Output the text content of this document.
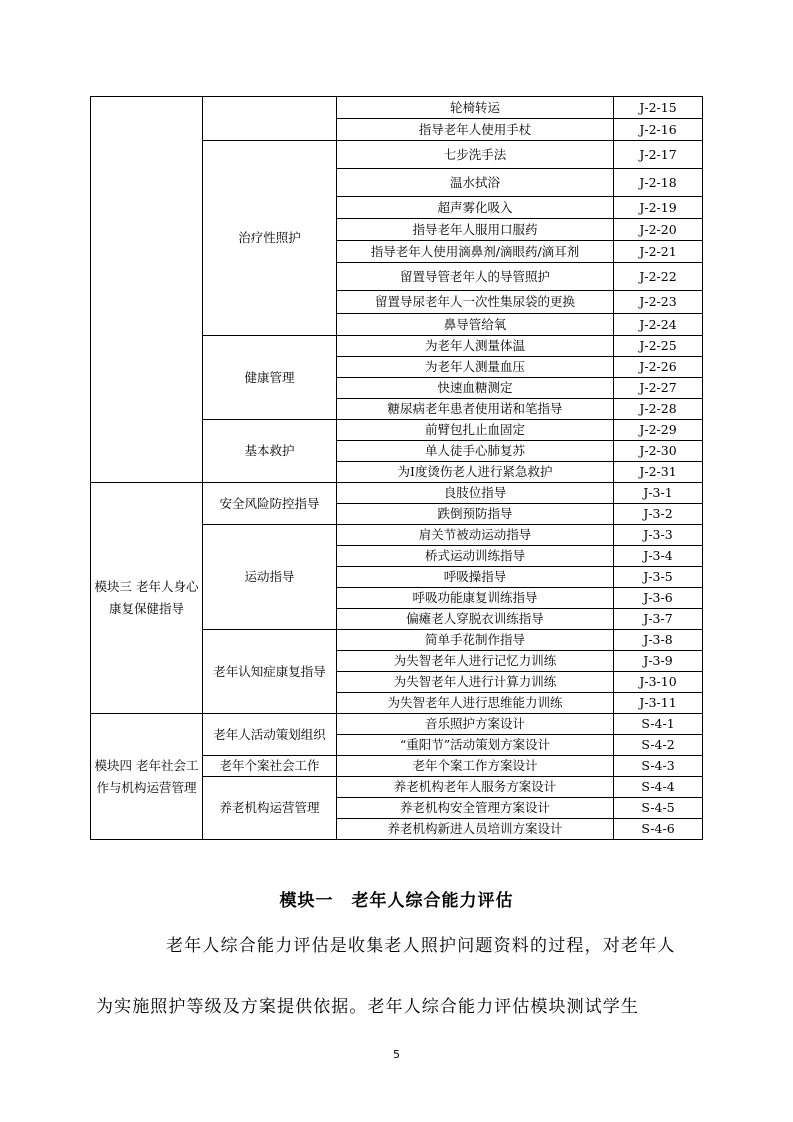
		轮椅转运	J-2-15
		指导老年人使用手杖	J-2-16
	治疗性照护	七步洗手法	J-2-17
		温水拭浴	J-2-18
		超声雾化吸入	J-2-19
		指导老年人服用口服药	J-2-20
		指导老年人使用滴鼻剂/滴眼药/滴耳剂	J-2-21
		留置导管老年人的导管照护	J-2-22
		留置导尿老年人一次性集尿袋的更换	J-2-23
		鼻导管给氧	J-2-24
	健康管理	为老年人测量体温	J-2-25
		为老年人测量血压	J-2-26
		快速血糖测定	J-2-27
		糖尿病老年患者使用诺和笔指导	J-2-28
	基本救护	前臂包扎止血固定	J-2-29
		单人徒手心肺复苏	J-2-30
		为Ⅰ度烫伤老人进行紧急救护	J-2-31
模块三 老年人身心康复保健指导	安全风险防控指导	良肢位指导	J-3-1
		跌倒预防指导	J-3-2
	运动指导	肩关节被动运动指导	J-3-3
		桥式运动训练指导	J-3-4
		呼吸操指导	J-3-5
		呼吸功能康复训练指导	J-3-6
		偏瘫老人穿脱衣训练指导	J-3-7
	老年认知症康复指导	简单手花制作指导	J-3-8
		为失智老年人进行记忆力训练	J-3-9
		为失智老年人进行计算力训练	J-3-10
		为失智老年人进行思维能力训练	J-3-11
模块四 老年社会工作与机构运营管理	老年人活动策划组织	音乐照护方案设计	S-4-1
		“重阳节”活动策划方案设计	S-4-2
	老年个案社会工作	老年个案工作方案设计	S-4-3
	养老机构运营管理	养老机构老年人服务方案设计	S-4-4
		养老机构安全管理方案设计	S-4-5
		养老机构新进人员培训方案设计	S-4-6
模块一　老年人综合能力评估

老年人综合能力评估是收集老人照护问题资料的过程，对老年人

为实施照护等级及方案提供依据。老年人综合能力评估模块测试学生

5
